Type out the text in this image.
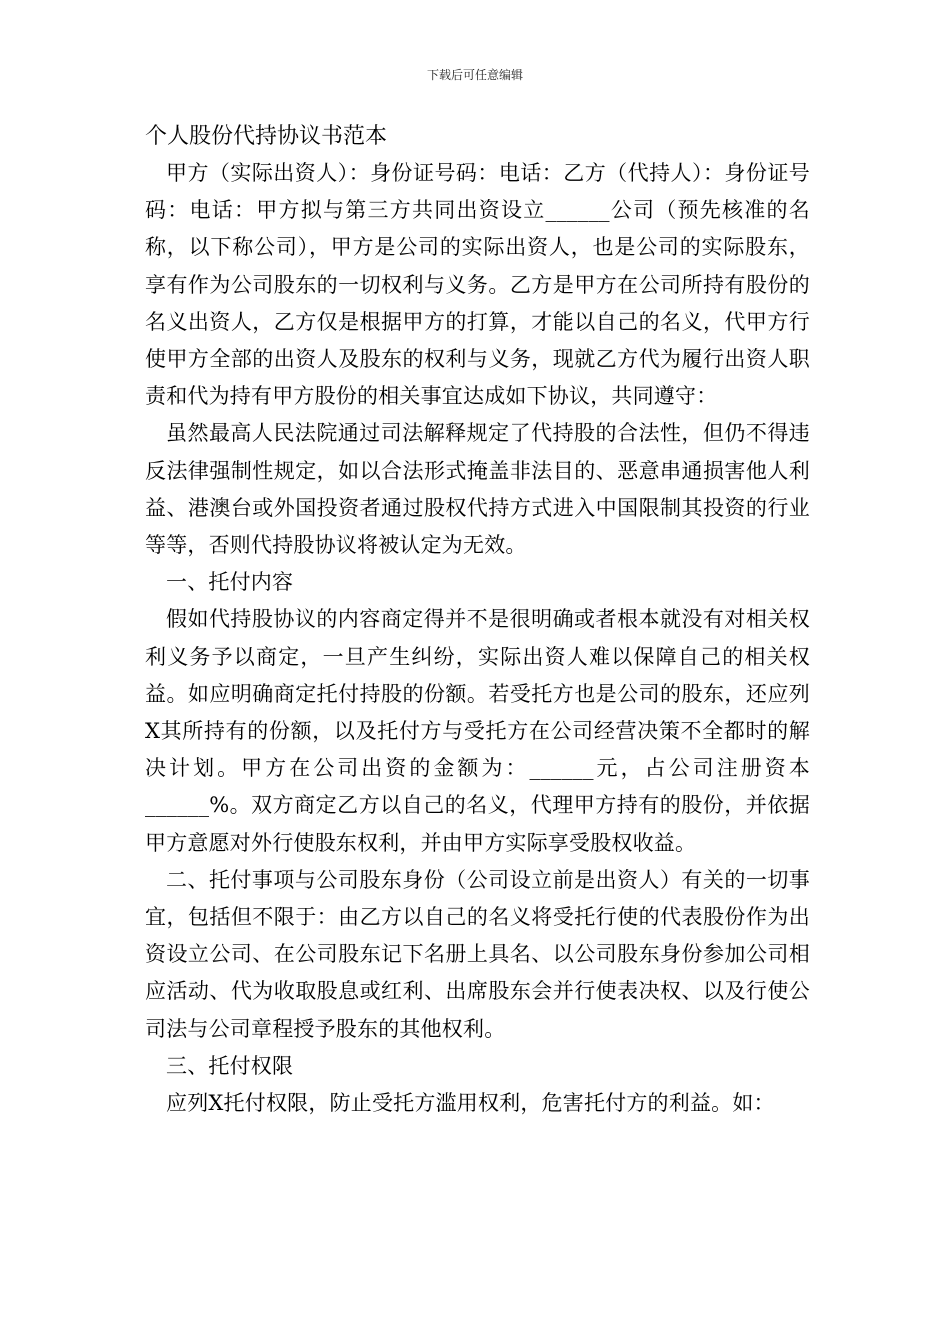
下载后可任意编辑
个人股份代持协议书范本

甲方（实际出资人）：身份证号码：电话：乙方（代持人）：身份证号码：电话：甲方拟与第三方共同出资设立______公司（预先核准的名称，以下称公司），甲方是公司的实际出资人，也是公司的实际股东，享有作为公司股东的一切权利与义务。乙方是甲方在公司所持有股份的名义出资人，乙方仅是根据甲方的打算，才能以自己的名义，代甲方行使甲方全部的出资人及股东的权利与义务，现就乙方代为履行出资人职责和代为持有甲方股份的相关事宜达成如下协议，共同遵守：

虽然最高人民法院通过司法解释规定了代持股的合法性，但仍不得违反法律强制性规定，如以合法形式掩盖非法目的、恶意串通损害他人利益、港澳台或外国投资者通过股权代持方式进入中国限制其投资的行业等等，否则代持股协议将被认定为无效。

一、托付内容

假如代持股协议的内容商定得并不是很明确或者根本就没有对相关权利义务予以商定，一旦产生纠纷，实际出资人难以保障自己的相关权益。如应明确商定托付持股的份额。若受托方也是公司的股东，还应列X其所持有的份额，以及托付方与受托方在公司经营决策不全都时的解决计划。甲方在公司出资的金额为：______元，占公司注册资本______%。双方商定乙方以自己的名义，代理甲方持有的股份，并依据甲方意愿对外行使股东权利，并由甲方实际享受股权收益。

二、托付事项与公司股东身份（公司设立前是出资人）有关的一切事宜，包括但不限于：由乙方以自己的名义将受托行使的代表股份作为出资设立公司、在公司股东记下名册上具名、以公司股东身份参加公司相应活动、代为收取股息或红利、出席股东会并行使表决权、以及行使公司法与公司章程授予股东的其他权利。

三、托付权限

应列X托付权限，防止受托方滥用权利，危害托付方的利益。如：
